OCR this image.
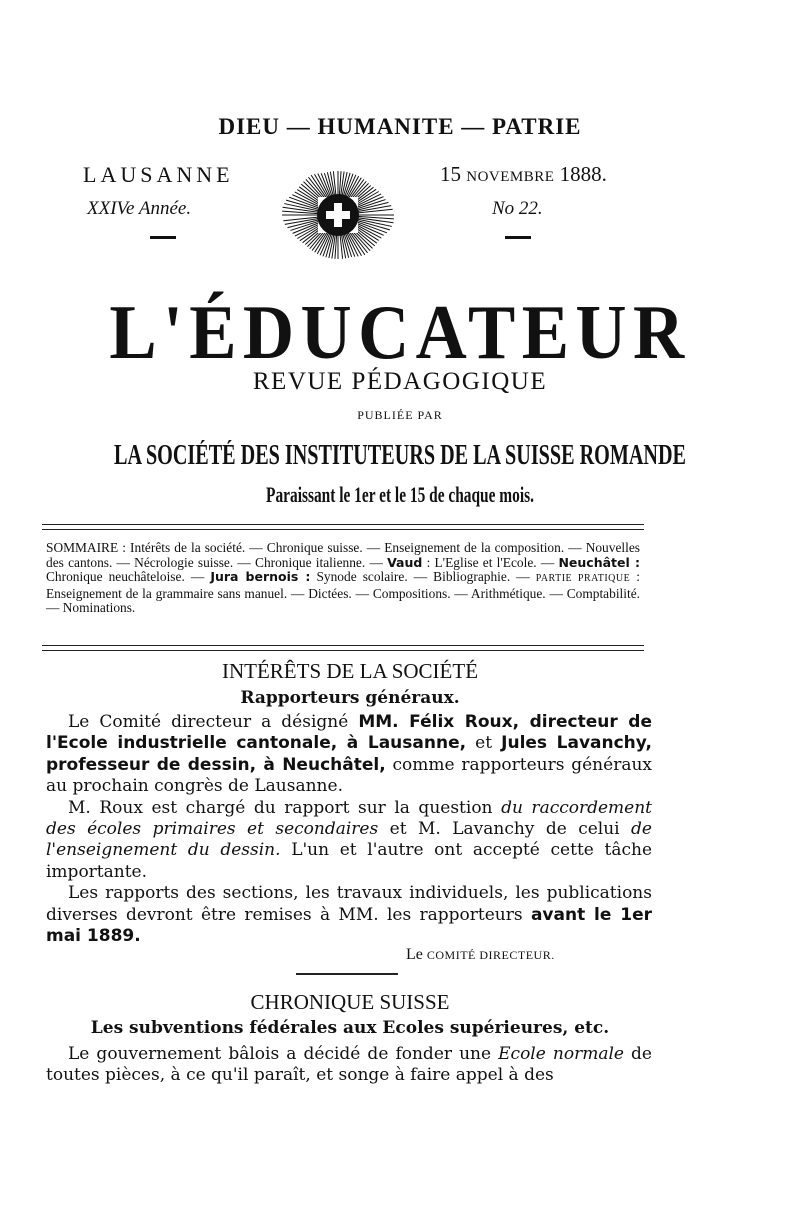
DIEU — HUMANITE — PATRIE
LAUSANNE
XXIVe Année.
15 NOVEMBRE 1888.
No 22.
L'ÉDUCATEUR
REVUE PÉDAGOGIQUE
PUBLIÉE PAR
LA SOCIÉTÉ DES INSTITUTEURS DE LA SUISSE ROMANDE
Paraissant le 1er et le 15 de chaque mois.
SOMMAIRE : Intérêts de la société. — Chronique suisse. — Enseignement de la composition. — Nouvelles des cantons. — Nécrologie suisse. — Chronique italienne. — Vaud : L'Eglise et l'Ecole. — Neuchâtel : Chronique neuchâteloise. — Jura bernois : Synode scolaire. — Bibliographie. — PARTIE PRATIQUE : Enseignement de la grammaire sans manuel. — Dictées. — Compositions. — Arithmétique. — Comptabilité. — Nominations.
INTÉRÊTS DE LA SOCIÉTÉ
Rapporteurs généraux.

Le Comité directeur a désigné MM. Félix Roux, directeur de l'Ecole industrielle cantonale, à Lausanne, et Jules Lavanchy, professeur de dessin, à Neuchâtel, comme rapporteurs généraux au prochain congrès de Lausanne.

M. Roux est chargé du rapport sur la question du raccordement des écoles primaires et secondaires et M. Lavanchy de celui de l'enseignement du dessin. L'un et l'autre ont accepté cette tâche importante.

Les rapports des sections, les travaux individuels, les publications diverses devront être remises à MM. les rapporteurs avant le 1er mai 1889.

Le COMITÉ DIRECTEUR.
CHRONIQUE SUISSE
Les subventions fédérales aux Ecoles supérieures, etc.

Le gouvernement bâlois a décidé de fonder une Ecole normale de toutes pièces, à ce qu'il paraît, et songe à faire appel à des
